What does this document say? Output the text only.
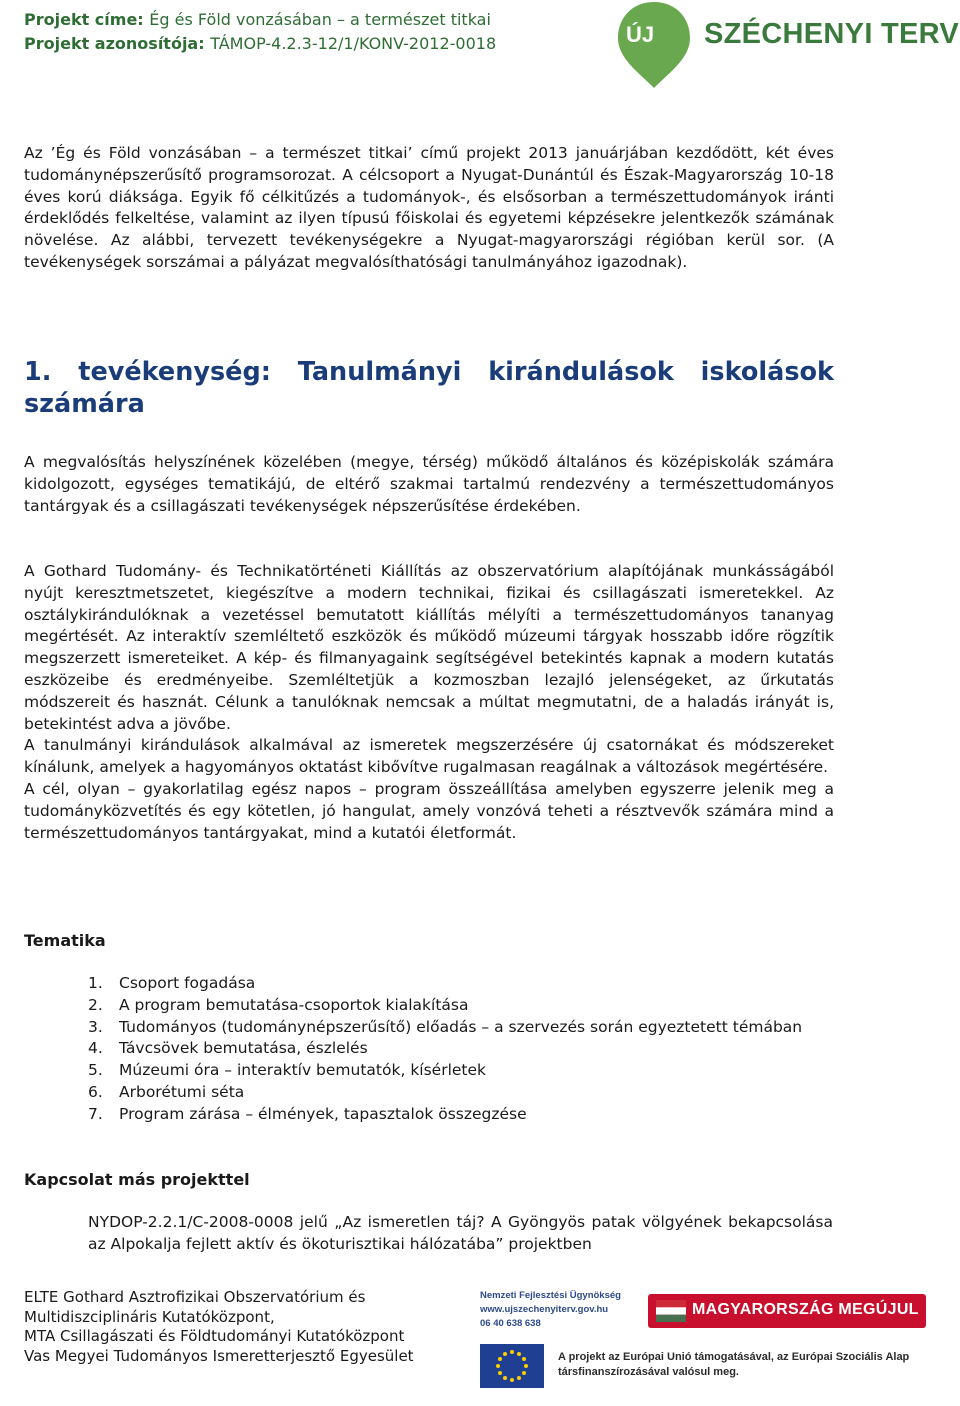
Projekt címe: Ég és Föld vonzásában – a természet titkai
Projekt azonosítója: TÁMOP-4.2.3-12/1/KONV-2012-0018	ÚJ SZÉCHENYI TERV

Az ’Ég és Föld vonzásában – a természet titkai’ című projekt 2013 januárjában kezdődött, két éves tudománynépszerűsítő programsorozat. A célcsoport a Nyugat-Dunántúl és Észak-Magyarország 10-18 éves korú diáksága. Egyik fő célkitűzés a tudományok-, és elsősorban a természettudományok iránti érdeklődés felkeltése, valamint az ilyen típusú főiskolai és egyetemi képzésekre jelentkezők számának növelése. Az alábbi, tervezett tevékenységekre a Nyugat-magyarországi régióban kerül sor. (A tevékenységek sorszámai a pályázat megvalósíthatósági tanulmányához igazodnak).

1. tevékenység: Tanulmányi kirándulások iskolások számára

A megvalósítás helyszínének közelében (megye, térség) működő általános és középiskolák számára kidolgozott, egységes tematikájú, de eltérő szakmai tartalmú rendezvény a természettudományos tantárgyak és a csillagászati tevékenységek népszerűsítése érdekében.

A Gothard Tudomány- és Technikatörténeti Kiállítás az obszervatórium alapítójának munkásságából nyújt keresztmetszetet, kiegészítve a modern technikai, fizikai és csillagászati ismeretekkel. Az osztálykirándulóknak a vezetéssel bemutatott kiállítás mélyíti a természettudományos tananyag megértését. Az interaktív szemléltető eszközök és működő múzeumi tárgyak hosszabb időre rögzítik megszerzett ismereteiket. A kép- és filmanyagaink segítségével betekintés kapnak a modern kutatás eszközeibe és eredményeibe. Szemléltetjük a kozmoszban lezajló jelenségeket, az űrkutatás módszereit és hasznát. Célunk a tanulóknak nemcsak a múltat megmutatni, de a haladás irányát is, betekintést adva a jövőbe.

A tanulmányi kirándulások alkalmával az ismeretek megszerzésére új csatornákat és módszereket kínálunk, amelyek a hagyományos oktatást kibővítve rugalmasan reagálnak a változások megértésére.

A cél, olyan – gyakorlatilag egész napos – program összeállítása amelyben egyszerre jelenik meg a tudományközvetítés és egy kötetlen, jó hangulat, amely vonzóvá teheti a résztvevők számára mind a természettudományos tantárgyakat, mind a kutatói életformát.

Tematika
1.	Csoport fogadása
2.	A program bemutatása-csoportok kialakítása
3.	Tudományos (tudománynépszerűsítő) előadás – a szervezés során egyeztetett témában
4.	Távcsövek bemutatása, észlelés
5.	Múzeumi óra – interaktív bemutatók, kísérletek
6.	Arborétumi séta
7.	Program zárása – élmények, tapasztalok összegzése
Kapcsolat más projekttel

NYDOP-2.2.1/C-2008-0008 jelű „Az ismeretlen táj? A Gyöngyös patak völgyének bekapcsolása az Alpokalja fejlett aktív és ökoturisztikai hálózatába” projektben

ELTE Gothard Asztrofizikai Obszervatórium és
Multidiszciplináris Kutatóközpont,
MTA Csillagászati és Földtudományi Kutatóközpont
Vas Megyei Tudományos Ismeretterjesztő Egyesület
Nemzeti Fejlesztési Ügynökség
www.ujszechenyiterv.gov.hu
06 40 638 638
MAGYARORSZÁG MEGÚJUL
A projekt az Európai Unió támogatásával, az Európai Szociális Alap társfinanszírozásával valósul meg.
